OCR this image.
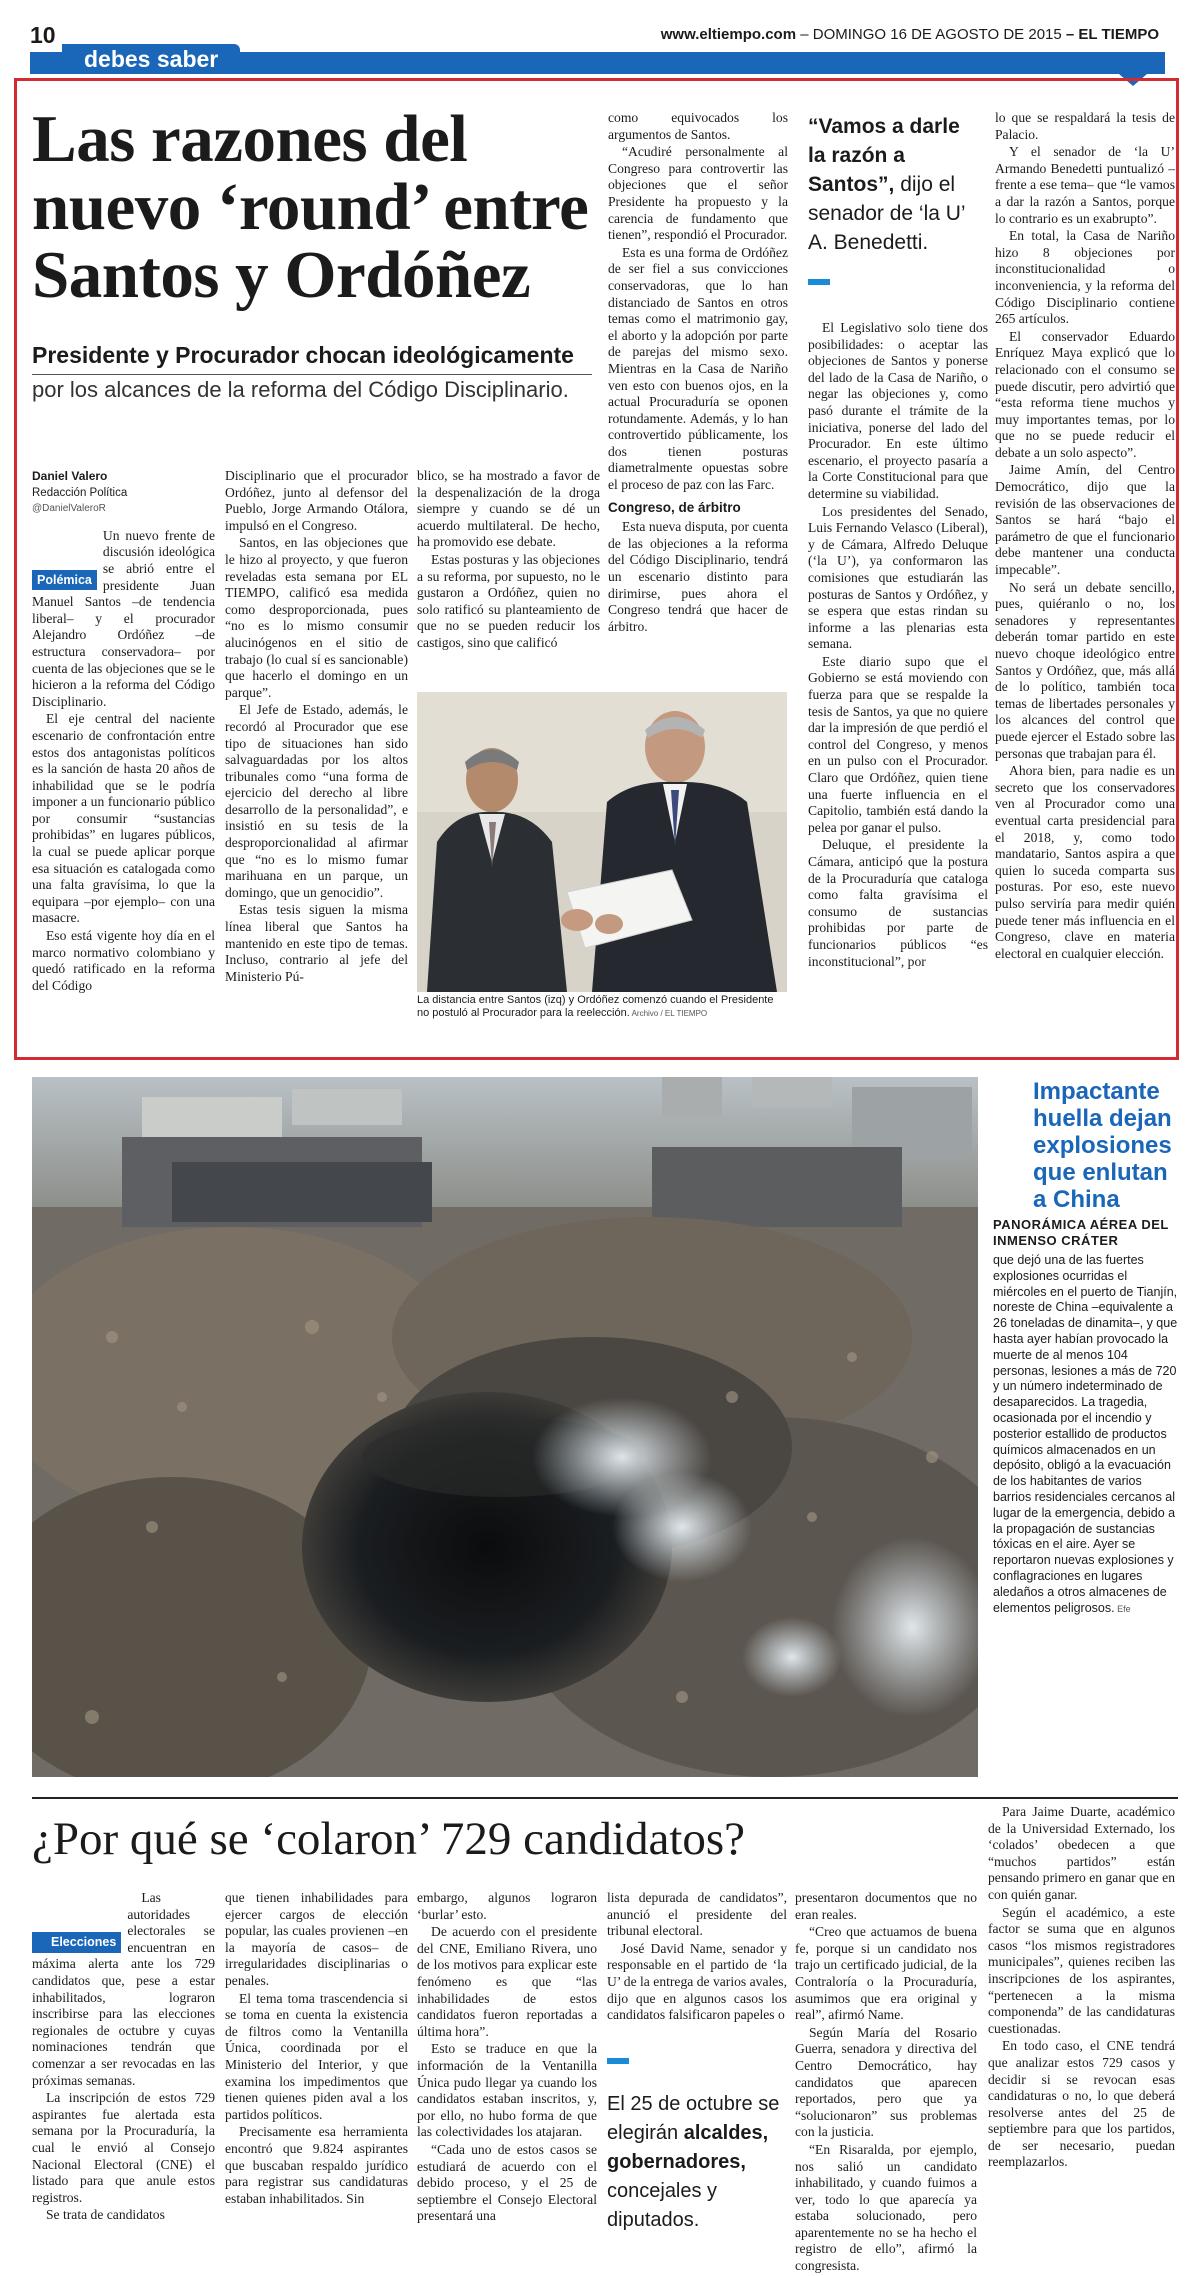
10	www.eltiempo.com – DOMINGO 16 DE AGOSTO DE 2015 – EL TIEMPO
debes saber
Las razones del nuevo ‘round’ entre Santos y Ordóñez
Presidente y Procurador chocan ideológicamente
por los alcances de la reforma del Código Disciplinario.
Daniel Valero
Redacción Política
@DanielValeroR

Polémica
Un nuevo frente de discusión ideológica se abrió entre el presidente Juan Manuel Santos –de tendencia liberal– y el procurador Alejandro Ordóñez –de estructura conservadora– por cuenta de las objeciones que se le hicieron a la reforma del Código Disciplinario.

El eje central del naciente escenario de confrontación entre estos dos antagonistas políticos es la sanción de hasta 20 años de inhabilidad que se le podría imponer a un funcionario público por consumir “sustancias prohibidas” en lugares públicos, la cual se puede aplicar porque esa situación es catalogada como una falta gravísima, lo que la equipara –por ejemplo– con una masacre.

Eso está vigente hoy día en el marco normativo colombiano y quedó ratificado en la reforma del Código

Disciplinario que el procurador Ordóñez, junto al defensor del Pueblo, Jorge Armando Otálora, impulsó en el Congreso.

Santos, en las objeciones que le hizo al proyecto, y que fueron reveladas esta semana por EL TIEMPO, calificó esa medida como desproporcionada, pues “no es lo mismo consumir alucinógenos en el sitio de trabajo (lo cual sí es sancionable) que hacerlo el domingo en un parque”.

El Jefe de Estado, además, le recordó al Procurador que ese tipo de situaciones han sido salvaguardadas por los altos tribunales como “una forma de ejercicio del derecho al libre desarrollo de la personalidad”, e insistió en su tesis de la desproporcionalidad al afirmar que “no es lo mismo fumar marihuana en un parque, un domingo, que un genocidio”.

Estas tesis siguen la misma línea liberal que Santos ha mantenido en este tipo de temas. Incluso, contrario al jefe del Ministerio Pú-

blico, se ha mostrado a favor de la despenalización de la droga siempre y cuando se dé un acuerdo multilateral. De hecho, ha promovido ese debate.

Estas posturas y las objeciones a su reforma, por supuesto, no le gustaron a Ordóñez, quien no solo ratificó su planteamiento de que no se pueden reducir los castigos, sino que calificó

como equivocados los argumentos de Santos.

“Acudiré personalmente al Congreso para controvertir las objeciones que el señor Presidente ha propuesto y la carencia de fundamento que tienen”, respondió el Procurador.

Esta es una forma de Ordóñez de ser fiel a sus convicciones conservadoras, que lo han distanciado de Santos en otros temas como el matrimonio gay, el aborto y la adopción por parte de parejas del mismo sexo. Mientras en la Casa de Nariño ven esto con buenos ojos, en la actual Procuraduría se oponen rotundamente. Además, y lo han controvertido públicamente, los dos tienen posturas diametralmente opuestas sobre el proceso de paz con las Farc.

Congreso, de árbitro

Esta nueva disputa, por cuenta de las objeciones a la reforma del Código Disciplinario, tendrá un escenario distinto para dirimirse, pues ahora el Congreso tendrá que hacer de árbitro.

“Vamos a darle la razón a Santos”, dijo el senador de ‘la U’ A. Benedetti.

El Legislativo solo tiene dos posibilidades: o aceptar las objeciones de Santos y ponerse del lado de la Casa de Nariño, o negar las objeciones y, como pasó durante el trámite de la iniciativa, ponerse del lado del Procurador. En este último escenario, el proyecto pasaría a la Corte Constitucional para que determine su viabilidad.

Los presidentes del Senado, Luis Fernando Velasco (Liberal), y de Cámara, Alfredo Deluque (‘la U’), ya conformaron las comisiones que estudiarán las posturas de Santos y Ordóñez, y se espera que estas rindan su informe a las plenarias esta semana.

Este diario supo que el Gobierno se está moviendo con fuerza para que se respalde la tesis de Santos, ya que no quiere dar la impresión de que perdió el control del Congreso, y menos en un pulso con el Procurador. Claro que Ordóñez, quien tiene una fuerte influencia en el Capitolio, también está dando la pelea por ganar el pulso.

Deluque, el presidente la Cámara, anticipó que la postura de la Procuraduría que cataloga como falta gravísima el consumo de sustancias prohibidas por parte de funcionarios públicos “es inconstitucional”, por

lo que se respaldará la tesis de Palacio.

Y el senador de ‘la U’ Armando Benedetti puntualizó –frente a ese tema– que “le vamos a dar la razón a Santos, porque lo contrario es un exabrupto”.

En total, la Casa de Nariño hizo 8 objeciones por inconstitucionalidad o inconveniencia, y la reforma del Código Disciplinario contiene 265 artículos.

El conservador Eduardo Enríquez Maya explicó que lo relacionado con el consumo se puede discutir, pero advirtió que “esta reforma tiene muchos y muy importantes temas, por lo que no se puede reducir el debate a un solo aspecto”.

Jaime Amín, del Centro Democrático, dijo que la revisión de las observaciones de Santos se hará “bajo el parámetro de que el funcionario debe mantener una conducta impecable”.

No será un debate sencillo, pues, quiéranlo o no, los senadores y representantes deberán tomar partido en este nuevo choque ideológico entre Santos y Ordóñez, que, más allá de lo político, también toca temas de libertades personales y los alcances del control que puede ejercer el Estado sobre las personas que trabajan para él.

Ahora bien, para nadie es un secreto que los conservadores ven al Procurador como una eventual carta presidencial para el 2018, y, como todo mandatario, Santos aspira a que quien lo suceda comparta sus posturas. Por eso, este nuevo pulso serviría para medir quién puede tener más influencia en el Congreso, clave en materia electoral en cualquier elección.

La distancia entre Santos (izq) y Ordóñez comenzó cuando el Presidente no postuló al Procurador para la reelección. Archivo / EL TIEMPO
Impactante huella dejan explosiones que enlutan a China
PANORÁMICA AÉREA DEL INMENSO CRÁTER
que dejó una de las fuertes explosiones ocurridas el miércoles en el puerto de Tianjín, noreste de China –equivalente a 26 toneladas de dinamita–, y que hasta ayer habían provocado la muerte de al menos 104 personas, lesiones a más de 720 y un número indeterminado de desaparecidos. La tragedia, ocasionada por el incendio y posterior estallido de productos químicos almacenados en un depósito, obligó a la evacuación de los habitantes de varios barrios residenciales cercanos al lugar de la emergencia, debido a la propagación de sustancias tóxicas en el aire. Ayer se reportaron nuevas explosiones y conflagraciones en lugares aledaños a otros almacenes de elementos peligrosos. Efe
¿Por qué se ‘colaron’ 729 candidatos?

Elecciones
Las autoridades electorales se encuentran en máxima alerta ante los 729 candidatos que, pese a estar inhabilitados, lograron inscribirse para las elecciones regionales de octubre y cuyas nominaciones tendrán que comenzar a ser revocadas en las próximas semanas.

La inscripción de estos 729 aspirantes fue alertada esta semana por la Procuraduría, la cual le envió al Consejo Nacional Electoral (CNE) el listado para que anule estos registros.

Se trata de candidatos

que tienen inhabilidades para ejercer cargos de elección popular, las cuales provienen –en la mayoría de casos– de irregularidades disciplinarias o penales.

El tema toma trascendencia si se toma en cuenta la existencia de filtros como la Ventanilla Única, coordinada por el Ministerio del Interior, y que examina los impedimentos que tienen quienes piden aval a los partidos políticos.

Precisamente esa herramienta encontró que 9.824 aspirantes que buscaban respaldo jurídico para registrar sus candidaturas estaban inhabilitados. Sin

embargo, algunos lograron ‘burlar’ esto.

De acuerdo con el presidente del CNE, Emiliano Rivera, uno de los motivos para explicar este fenómeno es que “las inhabilidades de estos candidatos fueron reportadas a última hora”.

Esto se traduce en que la información de la Ventanilla Única pudo llegar ya cuando los candidatos estaban inscritos, y, por ello, no hubo forma de que las colectividades los atajaran.

“Cada uno de estos casos se estudiará de acuerdo con el debido proceso, y el 25 de septiembre el Consejo Electoral presentará una

lista depurada de candidatos”, anunció el presidente del tribunal electoral.

José David Name, senador y responsable en el partido de ‘la U’ de la entrega de varios avales, dijo que en algunos casos los candidatos falsificaron papeles o

El 25 de octubre se elegirán alcaldes, gobernadores, concejales y diputados.

presentaron documentos que no eran reales.

“Creo que actuamos de buena fe, porque si un candidato nos trajo un certificado judicial, de la Contraloría o la Procuraduría, asumimos que era original y real”, afirmó Name.

Según María del Rosario Guerra, senadora y directiva del Centro Democrático, hay candidatos que aparecen reportados, pero que ya “solucionaron” sus problemas con la justicia.

“En Risaralda, por ejemplo, nos salió un candidato inhabilitado, y cuando fuimos a ver, todo lo que aparecía ya estaba solucionado, pero aparentemente no se ha hecho el registro de ello”, afirmó la congresista.

Para Jaime Duarte, académico de la Universidad Externado, los ‘colados’ obedecen a que “muchos partidos” están pensando primero en ganar que en con quién ganar.

Según el académico, a este factor se suma que en algunos casos “los mismos registradores municipales”, quienes reciben las inscripciones de los aspirantes, “pertenecen a la misma componenda” de las candidaturas cuestionadas.

En todo caso, el CNE tendrá que analizar estos 729 casos y decidir si se revocan esas candidaturas o no, lo que deberá resolverse antes del 25 de septiembre para que los partidos, de ser necesario, puedan reemplazarlos.
